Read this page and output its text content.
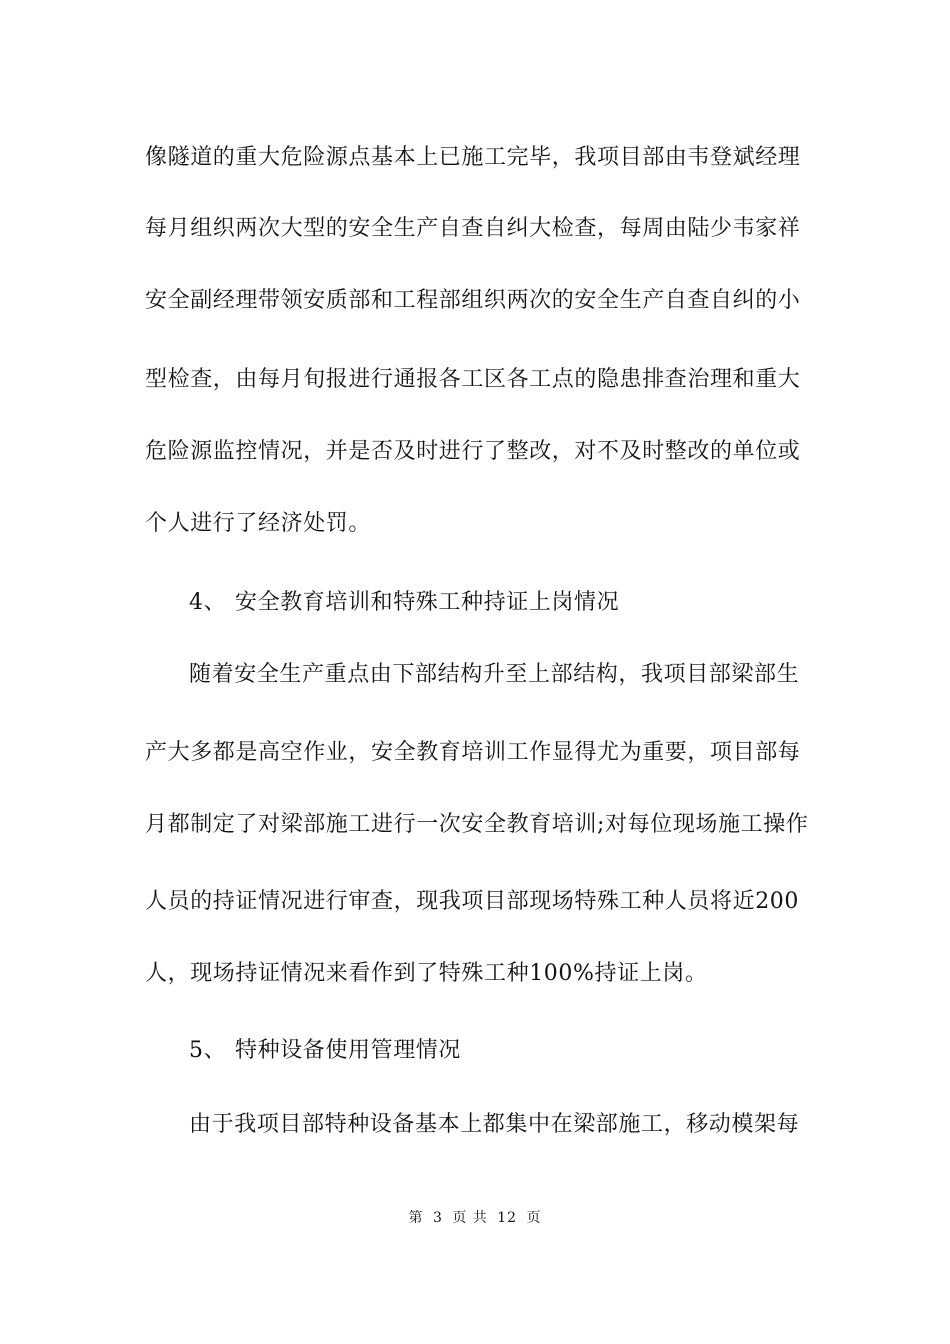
像隧道的重大危险源点基本上已施工完毕，我项目部由韦登斌经理
每月组织两次大型的安全生产自查自纠大检查，每周由陆少韦家祥
安全副经理带领安质部和工程部组织两次的安全生产自查自纠的小
型检查，由每月旬报进行通报各工区各工点的隐患排查治理和重大
危险源监控情况，并是否及时进行了整改，对不及时整改的单位或
个人进行了经济处罚。
4、 安全教育培训和特殊工种持证上岗情况
随着安全生产重点由下部结构升至上部结构，我项目部梁部生
产大多都是高空作业，安全教育培训工作显得尤为重要，项目部每
月都制定了对梁部施工进行一次安全教育培训;对每位现场施工操作
人员的持证情况进行审查，现我项目部现场特殊工种人员将近200
人，现场持证情况来看作到了特殊工种100%持证上岗。
5、 特种设备使用管理情况
由于我项目部特种设备基本上都集中在梁部施工，移动模架每
第 3 页 共 12 页
